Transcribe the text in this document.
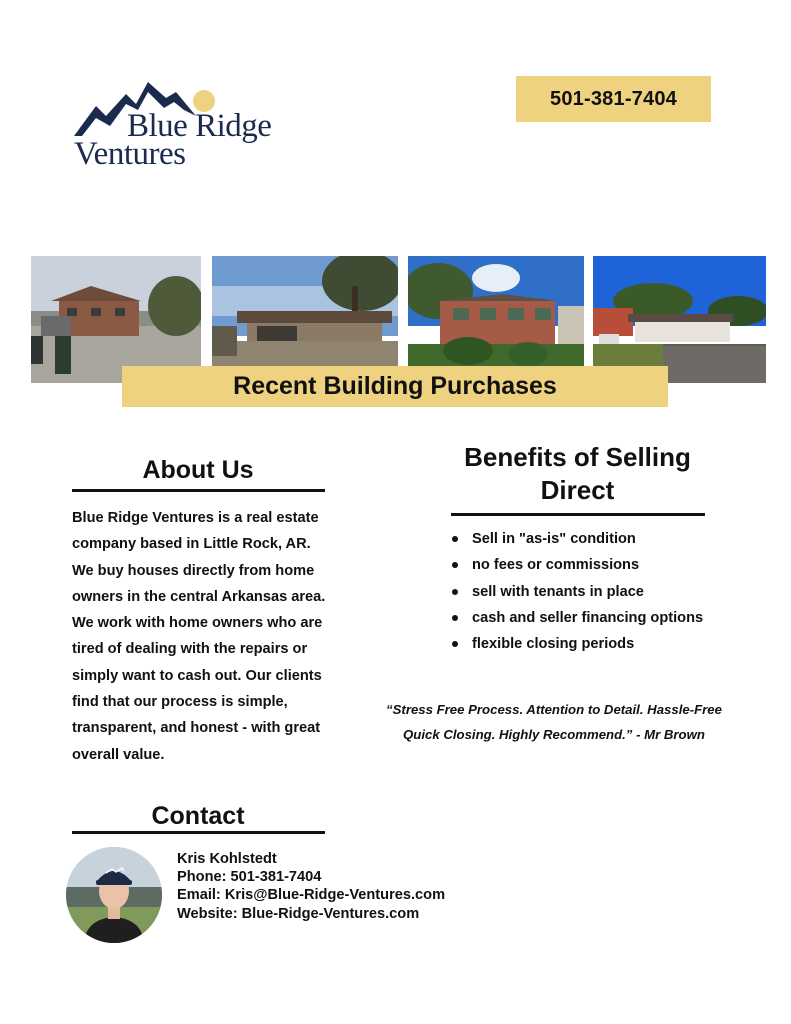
Blue Ridge
Ventures
501-381-7404
Recent Building Purchases
About Us
Blue Ridge Ventures is a real estate company based in Little Rock, AR. We buy houses directly from home owners in the central Arkansas area. We work with home owners who are tired of dealing with the repairs or simply want to cash out. Our clients find that our process is simple, transparent, and honest - with great overall value.
Benefits of Selling Direct
Sell in "as-is" condition
no fees or commissions
sell with tenants in place
cash and seller financing options
flexible closing periods
“Stress Free Process. Attention to Detail. Hassle-Free Quick Closing. Highly Recommend.” - Mr Brown
Contact
Kris Kohlstedt
Phone: 501-381-7404
Email: Kris@Blue-Ridge-Ventures.com
Website: Blue-Ridge-Ventures.com
